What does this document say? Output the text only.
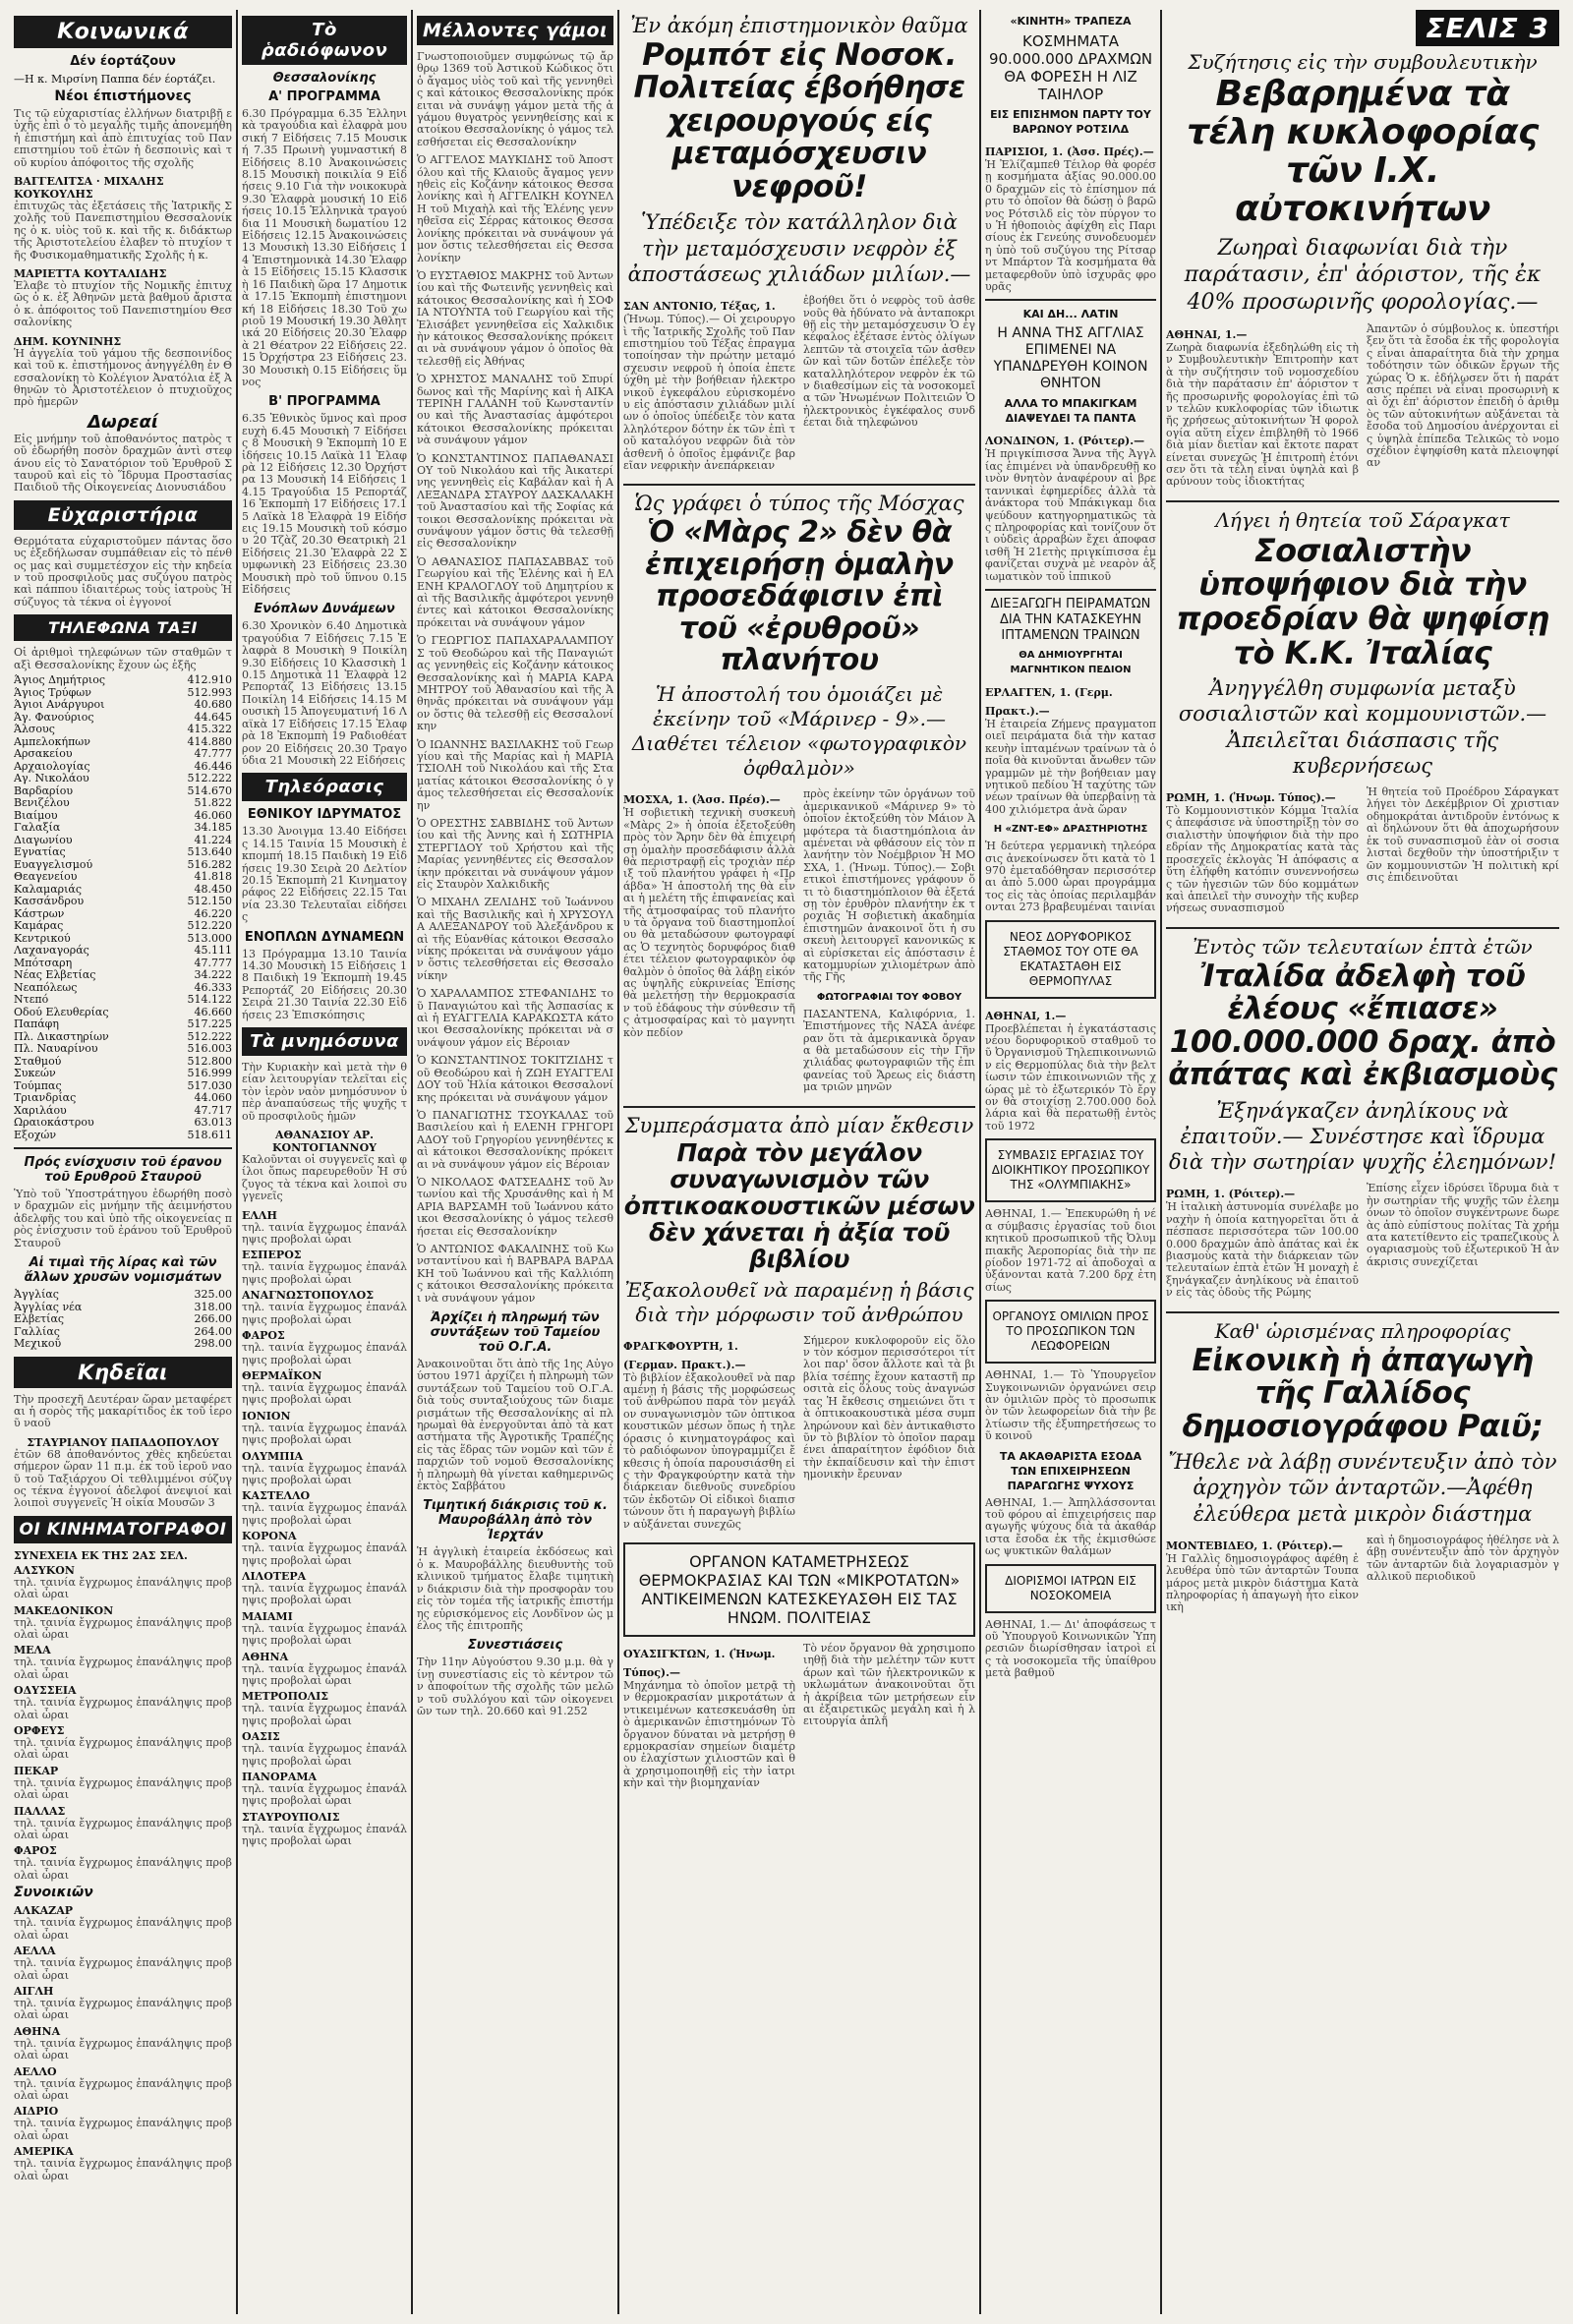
Κοινωνικά
Δέν έορτάζουν
—Η κ. Μιρσίνη Παππα δέν έορτάζει.
Νέοι έπιστήμονες
Τις τῷ εὐχαριστίας ἐλλήνων διατριβῇ εὐχῆς ἐπὶ ὁ τὸ μεγαλῆς τιμῆς ἀπονεμήθη ἡ ἐπιστήμη καὶ ἀπὸ ἐπιτυχίας τοῦ Πανεπιστημίου τοῦ ἐτῶν ἡ δεσποινὶς καὶ τοῦ κυρίου ἀπόφοιτος τῆς σχολῆς
ΒΑΓΓΕΛΙΤΣΑ · ΜΙΧΑΛΗΣ ΚΟΥΚΟΥΛΗΣ
ἐπιτυχῶς τὰς ἐξετάσεις τῆς Ἰατρικῆς Σχολῆς τοῦ Πανεπιστημίου Θεσσαλονίκης ὁ κ. υἱὸς τοῦ κ. καὶ τῆς κ. διδάκτωρ τῆς Ἀριστοτελείου ἐλαβεν τὸ πτυχίον τῆς Φυσικομαθηματικῆς Σχολῆς ἡ κ.
ΜΑΡΙΕΤΤΑ ΚΟΥΤΑΛΙΔΗΣ
Ἐλαβε τὸ πτυχίον τῆς Νομικῆς ἐπιτυχῶς ὁ κ. ἐξ Ἀθηνῶν μετὰ βαθμοῦ ἄριστα ὁ κ. ἀπόφοιτος τοῦ Πανεπιστημίου Θεσσαλονίκης
ΔΗΜ. ΚΟΥΝΙΝΗΣ
Ἡ ἀγγελία τοῦ γάμου τῆς δεσποινίδος καὶ τοῦ κ. ἐπιστήμονος ἀνηγγέλθη ἐν Θεσσαλονίκῃ τὸ Κολέγιον Ἀνατόλια ἐξ Ἀθηνῶν τὸ Ἀριστοτέλειον ὁ πτυχιοῦχος πρὸ ἡμερῶν
Δωρεαί
Εἰς μνήμην τοῦ ἀποθανόντος πατρὸς τοῦ ἐδωρήθη ποσὸν δραχμῶν ἀντὶ στεφάνου εἰς τὸ Σανατόριον τοῦ Ἐρυθροῦ Σταυροῦ καὶ εἰς τὸ Ἵδρυμα Προστασίας Παιδιοῦ τῆς Οἰκογενείας Διονυσιάδου
Εὐχαριστήρια
Θερμότατα εὐχαριστοῦμεν πάντας ὅσους ἐξεδήλωσαν συμπάθειαν εἰς τὸ πένθος μας καὶ συμμετέσχον εἰς τὴν κηδείαν τοῦ προσφιλοῦς μας συζύγου πατρὸς καὶ πάππου ἰδιαιτέρως τοὺς ἰατροὺς Ἡ σύζυγος τὰ τέκνα οἱ ἐγγονοί
ΤΗΛΕΦΩΝΑ ΤΑΞΙ
Οἱ ἀριθμοὶ τηλεφώνων τῶν σταθμῶν ταξὶ Θεσσαλονίκης ἔχουν ὡς ἑξῆς
Άγιος Δημήτριος	412.910
Άγιος Τρύφων	512.993
Άγιοι Ανάργυροι	40.680
Άγ. Φανούριος	44.645
Άλσους	415.322
Αμπελοκήπων	414.880
Αρσακείου	47.777
Αρχαιολογίας	46.446
Αγ. Νικολάου	512.222
Βαρδαρίου	514.670
Βενιζέλου	51.822
Βιαίμου	46.060
Γαλαξία	34.185
Διαγωνίου	41.224
Εγνατίας	513.640
Ευαγγελισμού	516.282
Θεαγενείου	41.818
Καλαμαριάς	48.450
Κασσάνδρου	512.150
Κάστρων	46.220
Καμάρας	512.220
Κεντρικού	513.000
Λαχαναγοράς	45.111
Μπότσαρη	47.777
Νέας Ελβετίας	34.222
Νεαπόλεως	46.333
Ντεπό	514.122
Οδού Ελευθερίας	46.660
Παπάφη	517.225
Πλ. Δικαστηρίων	512.222
Πλ. Ναυαρίνου	516.003
Σταθμού	512.800
Συκεών	516.999
Τούμπας	517.030
Τριανδρίας	44.060
Χαριλάου	47.717
Ωραιοκάστρου	63.013
Εξοχών	518.611
Πρός ενίσχυσιν τοῦ έρανου τοῦ Ερυθροῦ Σταυροῦ
Ὑπὸ τοῦ Ὑποστράτηγου ἐδωρήθη ποσὸν δραχμῶν εἰς μνήμην τῆς ἀειμνήστου ἀδελφῆς του καὶ ὑπὸ τῆς οἰκογενείας πρὸς ἐνίσχυσιν τοῦ ἐράνου τοῦ Ἐρυθροῦ Σταυροῦ
Αἱ τιμαὶ τῆς λίρας καὶ τῶν ἄλλων χρυσῶν νομισμάτων
Ἀγγλίας	325.00
Ἀγγλίας νέα	318.00
Ελβετίας	266.00
Γαλλίας	264.00
Μεχικοῦ	298.00
Κηδεῖαι
Τὴν προσεχῆ Δευτέραν ὥραν μεταφέρεται ἡ σορὸς τῆς μακαρίτιδος ἐκ τοῦ ἱεροῦ ναοῦ
ΣΤΑΥΡΙΑΝΟΥ ΠΑΠΑΔΟΠΟΥΛΟΥ
ἐτῶν 68 ἀποθανόντος χθὲς κηδεύεται σήμερον ὥραν 11 π.μ. ἐκ τοῦ ἱεροῦ ναοῦ τοῦ Ταξιάρχου Οἱ τεθλιμμένοι σύζυγος τέκνα ἐγγονοί ἀδελφοί ἀνεψιοί καὶ λοιποὶ συγγενεῖς Ἡ οἰκία Μουσῶν 3
ΟΙ ΚΙΝΗΜΑΤΟΓΡΑΦΟΙ
ΣΥΝΕΧΕΙΑ ΕΚ ΤΗΣ 2ΑΣ ΣΕΛ.
ΑΛΣΥΚΟΝ
τηλ. ταινία ἔγχρωμος ἐπανάληψις προβολαὶ ὧραι
ΜΑΚΕΔΟΝΙΚΟΝ
τηλ. ταινία ἔγχρωμος ἐπανάληψις προβολαὶ ὧραι
ΜΕΛΑ
τηλ. ταινία ἔγχρωμος ἐπανάληψις προβολαὶ ὧραι
ΟΔΥΣΣΕΙΑ
τηλ. ταινία ἔγχρωμος ἐπανάληψις προβολαὶ ὧραι
ΟΡΦΕΥΣ
τηλ. ταινία ἔγχρωμος ἐπανάληψις προβολαὶ ὧραι
ΠΕΚΑΡ
τηλ. ταινία ἔγχρωμος ἐπανάληψις προβολαὶ ὧραι
ΠΑΛΛΑΣ
τηλ. ταινία ἔγχρωμος ἐπανάληψις προβολαὶ ὧραι
ΦΑΡΟΣ
τηλ. ταινία ἔγχρωμος ἐπανάληψις προβολαὶ ὧραι
Συνοικιῶν
ΑΛΚΑΖΑΡ
τηλ. ταινία ἔγχρωμος ἐπανάληψις προβολαὶ ὧραι
ΑΕΛΛΑ
τηλ. ταινία ἔγχρωμος ἐπανάληψις προβολαὶ ὧραι
ΑΙΓΛΗ
τηλ. ταινία ἔγχρωμος ἐπανάληψις προβολαὶ ὧραι
ΑΘΗΝΑ
τηλ. ταινία ἔγχρωμος ἐπανάληψις προβολαὶ ὧραι
ΑΕΛΛΟ
τηλ. ταινία ἔγχρωμος ἐπανάληψις προβολαὶ ὧραι
ΑΙΔΡΙΟ
τηλ. ταινία ἔγχρωμος ἐπανάληψις προβολαὶ ὧραι
ΑΜΕΡΙΚΑ
τηλ. ταινία ἔγχρωμος ἐπανάληψις προβολαὶ ὧραι
Τὸ ῥαδιόφωνον
Θεσσαλονίκης
Α' ΠΡΟΓΡΑΜΜΑ
6.30 Πρόγραμμα 6.35 Ἑλληνικὰ τραγούδια καὶ ἐλαφρὰ μουσική 7 Εἰδήσεις 7.15 Μουσική 7.35 Πρωινὴ γυμναστική 8 Εἰδήσεις 8.10 Ἀνακοινώσεις 8.15 Μουσικὴ ποικιλία 9 Εἰδήσεις 9.10 Γιὰ τὴν νοικοκυρὰ 9.30 Ἐλαφρὰ μουσική 10 Εἰδήσεις 10.15 Ἑλληνικὰ τραγούδια 11 Μουσικὴ δωματίου 12 Εἰδήσεις 12.15 Ἀνακοινώσεις 13 Μουσικὴ 13.30 Εἰδήσεις 14 Ἐπιστημονικὰ 14.30 Ἐλαφρὰ 15 Εἰδήσεις 15.15 Κλασσικὴ 16 Παιδικὴ ὥρα 17 Δημοτικὰ 17.15 Ἐκπομπὴ ἐπιστημονική 18 Εἰδήσεις 18.30 Τοῦ χωριοῦ 19 Μουσική 19.30 Ἀθλητικά 20 Εἰδήσεις 20.30 Ἐλαφρὰ 21 Θέατρον 22 Εἰδήσεις 22.15 Ὀρχήστρα 23 Εἰδήσεις 23.30 Μουσικὴ 0.15 Εἰδήσεις ὕμνος
Β' ΠΡΟΓΡΑΜΜΑ
6.35 Ἐθνικὸς ὕμνος καὶ προσευχὴ 6.45 Μουσικὴ 7 Εἰδήσεις 8 Μουσικὴ 9 Ἐκπομπὴ 10 Εἰδήσεις 10.15 Λαϊκὰ 11 Ἐλαφρὰ 12 Εἰδήσεις 12.30 Ὀρχήστρα 13 Μουσικὴ 14 Εἰδήσεις 14.15 Τραγούδια 15 Ρεπορτάζ 16 Ἐκπομπὴ 17 Εἰδήσεις 17.15 Λαϊκὰ 18 Ἐλαφρὰ 19 Εἰδήσεις 19.15 Μουσικὴ τοῦ κόσμου 20 Τζὰζ 20.30 Θεατρικὴ 21 Εἰδήσεις 21.30 Ἐλαφρὰ 22 Συμφωνικὴ 23 Εἰδήσεις 23.30 Μουσικὴ πρὸ τοῦ ὕπνου 0.15 Εἰδήσεις
Ενόπλων Δυνάμεων
6.30 Χρονικὸν 6.40 Δημοτικὰ τραγούδια 7 Εἰδήσεις 7.15 Ἐλαφρὰ 8 Μουσικὴ 9 Ποικίλη 9.30 Εἰδήσεις 10 Κλασσικὴ 10.15 Δημοτικὰ 11 Ἐλαφρὰ 12 Ρεπορτάζ 13 Εἰδήσεις 13.15 Ποικίλη 14 Εἰδήσεις 14.15 Μουσικὴ 15 Ἀπογευματινή 16 Λαϊκὰ 17 Εἰδήσεις 17.15 Ἐλαφρὰ 18 Ἐκπομπὴ 19 Ραδιοθέατρον 20 Εἰδήσεις 20.30 Τραγούδια 21 Μουσικὴ 22 Εἰδήσεις
Τηλεόρασις
ΕΘΝΙΚΟΥ ΙΔΡΥΜΑΤΟΣ
13.30 Ἀνοιγμα 13.40 Εἰδήσεις 14.15 Ταινία 15 Μουσικὴ ἐκπομπή 18.15 Παιδικὴ 19 Εἰδήσεις 19.30 Σειρὰ 20 Δελτίον 20.15 Ἐκπομπὴ 21 Κινηματογράφος 22 Εἰδήσεις 22.15 Ταινία 23.30 Τελευταῖαι εἰδήσεις
ΕΝΟΠΛΩΝ ΔΥΝΑΜΕΩΝ
13 Πρόγραμμα 13.10 Ταινία 14.30 Μουσικὴ 15 Εἰδήσεις 18 Παιδικὴ 19 Ἐκπομπὴ 19.45 Ρεπορτάζ 20 Εἰδήσεις 20.30 Σειρὰ 21.30 Ταινία 22.30 Εἰδήσεις 23 Ἐπισκόπησις
Τὰ μνημόσυνα
Τὴν Κυριακὴν καὶ μετὰ τὴν θείαν λειτουργίαν τελεῖται εἰς τὸν ἱερὸν ναὸν μνημόσυνον ὑπὲρ ἀναπαύσεως τῆς ψυχῆς τοῦ προσφιλοῦς ἡμῶν
ΑΘΑΝΑΣΙΟΥ ΑΡ. ΚΟΝΤΟΓΙΑΝΝΟΥ
Καλοῦνται οἱ συγγενεῖς καὶ φίλοι ὅπως παρευρεθοῦν Ἡ σύζυγος τὰ τέκνα καὶ λοιποὶ συγγενεῖς
ΕΛΛΗ
τηλ. ταινία ἔγχρωμος ἐπανάληψις προβολαὶ ὧραι
ΕΣΠΕΡΟΣ
τηλ. ταινία ἔγχρωμος ἐπανάληψις προβολαὶ ὧραι
ΑΝΑΓΝΩΣΤΟΠΟΥΛΟΣ
τηλ. ταινία ἔγχρωμος ἐπανάληψις προβολαὶ ὧραι
ΦΑΡΟΣ
τηλ. ταινία ἔγχρωμος ἐπανάληψις προβολαὶ ὧραι
ΘΕΡΜΑΪΚΟΝ
τηλ. ταινία ἔγχρωμος ἐπανάληψις προβολαὶ ὧραι
ΙΟΝΙΟΝ
τηλ. ταινία ἔγχρωμος ἐπανάληψις προβολαὶ ὧραι
ΟΛΥΜΠΙΑ
τηλ. ταινία ἔγχρωμος ἐπανάληψις προβολαὶ ὧραι
ΚΑΣΤΕΛΛΟ
τηλ. ταινία ἔγχρωμος ἐπανάληψις προβολαὶ ὧραι
ΚΟΡΟΝΑ
τηλ. ταινία ἔγχρωμος ἐπανάληψις προβολαὶ ὧραι
ΛΙΛΟΤΕΡΑ
τηλ. ταινία ἔγχρωμος ἐπανάληψις προβολαὶ ὧραι
ΜΑΙΑΜΙ
τηλ. ταινία ἔγχρωμος ἐπανάληψις προβολαὶ ὧραι
ΑΘΗΝΑ
τηλ. ταινία ἔγχρωμος ἐπανάληψις προβολαὶ ὧραι
ΜΕΤΡΟΠΟΛΙΣ
τηλ. ταινία ἔγχρωμος ἐπανάληψις προβολαὶ ὧραι
ΟΑΣΙΣ
τηλ. ταινία ἔγχρωμος ἐπανάληψις προβολαὶ ὧραι
ΠΑΝΟΡΑΜΑ
τηλ. ταινία ἔγχρωμος ἐπανάληψις προβολαὶ ὧραι
ΣΤΑΥΡΟΥΠΟΛΙΣ
τηλ. ταινία ἔγχρωμος ἐπανάληψις προβολαὶ ὧραι
Μέλλοντες γάμοι
Γνωστοποιοῦμεν συμφώνως τῷ ἄρθρῳ 1369 τοῦ Ἀστικοῦ Κώδικος ὅτι ὁ ἄγαμος υἱὸς τοῦ καὶ τῆς γεννηθεὶς καὶ κάτοικος Θεσσαλονίκης πρόκειται νὰ συνάψῃ γάμον μετὰ τῆς ἀγάμου θυγατρὸς γεννηθείσης καὶ κατοίκου Θεσσαλονίκης ὁ γάμος τελεσθήσεται εἰς Θεσσαλονίκην
Ὁ ΑΓΓΕΛΟΣ ΜΑΥΚΙΔΗΣ τοῦ Ἀποστόλου καὶ τῆς Κλαιοῦς ἄγαμος γεννηθεὶς εἰς Κοζάνην κάτοικος Θεσσαλονίκης καὶ ἡ ΑΓΓΕΛΙΚΗ ΚΟΥΝΕΛΗ τοῦ Μιχαὴλ καὶ τῆς Ἑλένης γεννηθεῖσα εἰς Σέρρας κάτοικος Θεσσαλονίκης πρόκειται νὰ συνάψουν γάμον ὅστις τελεσθήσεται εἰς Θεσσαλονίκην
Ὁ ΕΥΣΤΑΘΙΟΣ ΜΑΚΡΗΣ τοῦ Ἀντωνίου καὶ τῆς Φωτεινῆς γεννηθεὶς καὶ κάτοικος Θεσσαλονίκης καὶ ἡ ΣΟΦΙΑ ΝΤΟΥΝΤΑ τοῦ Γεωργίου καὶ τῆς Ἐλισάβετ γεννηθεῖσα εἰς Χαλκιδικὴν κάτοικος Θεσσαλονίκης πρόκειται νὰ συνάψουν γάμον ὁ ὁποῖος θὰ τελεσθῇ εἰς Ἀθήνας
Ὁ ΧΡΗΣΤΟΣ ΜΑΝΑΛΗΣ τοῦ Σπυρίδωνος καὶ τῆς Μαρίνης καὶ ἡ ΑΙΚΑΤΕΡΙΝΗ ΓΑΛΑΝΗ τοῦ Κωνσταντίνου καὶ τῆς Ἀναστασίας ἀμφότεροι κάτοικοι Θεσσαλονίκης πρόκειται νὰ συνάψουν γάμον
Ὁ ΚΩΝΣΤΑΝΤΙΝΟΣ ΠΑΠΑΘΑΝΑΣΙΟΥ τοῦ Νικολάου καὶ τῆς Ἀικατερίνης γεννηθεὶς εἰς Καβάλαν καὶ ἡ ΑΛΕΞΑΝΔΡΑ ΣΤΑΥΡΟΥ ΔΑΣΚΑΛΑΚΗ τοῦ Ἀναστασίου καὶ τῆς Σοφίας κάτοικοι Θεσσαλονίκης πρόκειται νὰ συνάψουν γάμον ὅστις θὰ τελεσθῇ εἰς Θεσσαλονίκην
Ὁ ΑΘΑΝΑΣΙΟΣ ΠΑΠΑΣΑΒΒΑΣ τοῦ Γεωργίου καὶ τῆς Ἑλένης καὶ ἡ ΕΛΕΝΗ ΚΡΑΛΟΓΛΟΥ τοῦ Δημητρίου καὶ τῆς Βασιλικῆς ἀμφότεροι γεννηθέντες καὶ κάτοικοι Θεσσαλονίκης πρόκειται νὰ συνάψουν γάμον
Ὁ ΓΕΩΡΓΙΟΣ ΠΑΠΑΧΑΡΑΛΑΜΠΟΥΣ τοῦ Θεοδώρου καὶ τῆς Παναγιώτας γεννηθεὶς εἰς Κοζάνην κάτοικος Θεσσαλονίκης καὶ ἡ ΜΑΡΙΑ ΚΑΡΑΜΗΤΡΟΥ τοῦ Ἀθανασίου καὶ τῆς Ἀθηνᾶς πρόκειται νὰ συνάψουν γάμον ὅστις θὰ τελεσθῇ εἰς Θεσσαλονίκην
Ὁ ΙΩΑΝΝΗΣ ΒΑΣΙΛΑΚΗΣ τοῦ Γεωργίου καὶ τῆς Μαρίας καὶ ἡ ΜΑΡΙΑ ΤΣΙΟΛΗ τοῦ Νικολάου καὶ τῆς Σταματίας κάτοικοι Θεσσαλονίκης ὁ γάμος τελεσθήσεται εἰς Θεσσαλονίκην
Ὁ ΟΡΕΣΤΗΣ ΣΑΒΒΙΔΗΣ τοῦ Ἀντωνίου καὶ τῆς Ἀννης καὶ ἡ ΣΩΤΗΡΙΑ ΣΤΕΡΓΙΔΟΥ τοῦ Χρήστου καὶ τῆς Μαρίας γεννηθέντες εἰς Θεσσαλονίκην πρόκειται νὰ συνάψουν γάμον εἰς Σταυρὸν Χαλκιδικῆς
Ὁ ΜΙΧΑΗΛ ΖΕΛΙΔΗΣ τοῦ Ἰωάννου καὶ τῆς Βασιλικῆς καὶ ἡ ΧΡΥΣΟΥΛΑ ΑΛΕΞΑΝΔΡΟΥ τοῦ Ἀλεξάνδρου καὶ τῆς Εὐανθίας κάτοικοι Θεσσαλονίκης πρόκειται νὰ συνάψουν γάμον ὅστις τελεσθήσεται εἰς Θεσσαλονίκην
Ὁ ΧΑΡΑΛΑΜΠΟΣ ΣΤΕΦΑΝΙΔΗΣ τοῦ Παναγιώτου καὶ τῆς Ἀσπασίας καὶ ἡ ΕΥΑΓΓΕΛΙΑ ΚΑΡΑΚΩΣΤΑ κάτοικοι Θεσσαλονίκης πρόκειται νὰ συνάψουν γάμον εἰς Βέροιαν
Ὁ ΚΩΝΣΤΑΝΤΙΝΟΣ ΤΟΚΙΤΖΙΔΗΣ τοῦ Θεοδώρου καὶ ἡ ΖΩΗ ΕΥΑΓΓΕΛΙΔΟΥ τοῦ Ἠλία κάτοικοι Θεσσαλονίκης πρόκειται νὰ συνάψουν γάμον
Ὁ ΠΑΝΑΓΙΩΤΗΣ ΤΣΟΥΚΑΛΑΣ τοῦ Βασιλείου καὶ ἡ ΕΛΕΝΗ ΓΡΗΓΟΡΙΑΔΟΥ τοῦ Γρηγορίου γεννηθέντες καὶ κάτοικοι Θεσσαλονίκης πρόκειται νὰ συνάψουν γάμον εἰς Βέροιαν
Ὁ ΝΙΚΟΛΑΟΣ ΦΑΤΣΕΑΔΗΣ τοῦ Ἀντωνίου καὶ τῆς Χρυσάνθης καὶ ἡ ΜΑΡΙΑ ΒΑΡΣΑΜΗ τοῦ Ἰωάννου κάτοικοι Θεσσαλονίκης ὁ γάμος τελεσθήσεται εἰς Θεσσαλονίκην
Ὁ ΑΝΤΩΝΙΟΣ ΦΑΚΑΛΙΝΗΣ τοῦ Κωνσταντίνου καὶ ἡ ΒΑΡΒΑΡΑ ΒΑΡΔΑΚΗ τοῦ Ἰωάννου καὶ τῆς Καλλιόπης κάτοικοι Θεσσαλονίκης πρόκειται νὰ συνάψουν γάμον
Ἀρχίζει ἡ πληρωμή τῶν συντάξεων τοῦ Ταμείου τοῦ Ο.Γ.Α.
Ἀνακοινοῦται ὅτι ἀπὸ τῆς 1ης Αὐγούστου 1971 ἀρχίζει ἡ πληρωμὴ τῶν συντάξεων τοῦ Ταμείου τοῦ Ο.Γ.Α. διὰ τοὺς συνταξιούχους τῶν διαμερισμάτων τῆς Θεσσαλονίκης αἱ πληρωμαὶ θὰ ἐνεργοῦνται ἀπὸ τὰ καταστήματα τῆς Ἀγροτικῆς Τραπέζης εἰς τὰς ἕδρας τῶν νομῶν καὶ τῶν ἐπαρχιῶν τοῦ νομοῦ Θεσσαλονίκης ἡ πληρωμὴ θὰ γίνεται καθημερινῶς ἐκτὸς Σαββάτου
Τιμητική διάκρισις τοῦ κ. Μαυροβάλλη ἀπὸ τὸν Ἰερχτάν
Ἡ ἀγγλικὴ ἑταιρεία ἐκδόσεως καὶ ὁ κ. Μαυροβάλλης διευθυντὴς τοῦ κλινικοῦ τμήματος ἔλαβε τιμητικὴν διάκρισιν διὰ τὴν προσφορὰν του εἰς τὸν τομέα τῆς ἰατρικῆς ἐπιστήμης εὑρισκόμενος εἰς Λονδῖνον ὡς μέλος τῆς ἐπιτροπῆς
Συνεστιάσεις
Τὴν 11ην Αὐγούστου 9.30 μ.μ. θὰ γίνῃ συνεστίασις εἰς τὸ κέντρον τῶν ἀποφοίτων τῆς σχολῆς τῶν μελῶν τοῦ συλλόγου καὶ τῶν οἰκογενειῶν των τηλ. 20.660 καὶ 91.252
Ἐν ἀκόμη ἐπιστημονικὸν θαῦμα
Ρομπότ εἰς Νοσοκ. Πολιτείας έβοήθησε χειρουργούς είς μεταμόσχευσιν νεφροῦ!
Ὑπέδειξε τὸν κατάλληλον διὰ τὴν μεταμόσχευσιν νεφρὸν ἐξ ἀποστάσεως χιλιάδων μιλίων.—
ΣΑΝ ΑΝΤΟΝΙΟ, Τέξας, 1.
(Ἡνωμ. Τύπος).— Οἱ χειρουργοὶ τῆς Ἰατρικῆς Σχολῆς τοῦ Πανεπιστημίου τοῦ Τέξας ἐπραγματοποίησαν τὴν πρώτην μεταμόσχευσιν νεφροῦ ἡ ὁποία ἐπετεύχθη μὲ τὴν βοήθειαν ἠλεκτρονικοῦ ἐγκεφάλου εὑρισκομένου εἰς ἀπόστασιν χιλιάδων μιλίων ὁ ὁποῖος ὑπέδειξε τὸν καταλληλότερον δότην ἐκ τῶν ἐπὶ τοῦ καταλόγου νεφρῶν διὰ τὸν ἀσθενῆ ὁ ὁποῖος ἐμφάνιζε βαρεῖαν νεφρικὴν ἀνεπάρκειαν
ἐβοήθει ὅτι ὁ νεφρὸς τοῦ ἀσθενοῦς θὰ ἠδύνατο νὰ ἀνταποκριθῇ εἰς τὴν μεταμόσχευσιν Ὁ ἐγκέφαλος ἐξέτασε ἐντὸς ὀλίγων λεπτῶν τὰ στοιχεῖα τῶν ἀσθενῶν καὶ τῶν δοτῶν ἐπέλεξε τὸν καταλληλότερον νεφρὸν ἐκ τῶν διαθεσίμων εἰς τὰ νοσοκομεῖα τῶν Ἠνωμένων Πολιτειῶν Ὁ ἠλεκτρονικὸς ἐγκέφαλος συνδέεται διὰ τηλεφώνου
Ὡς γράφει ὁ τύπος τῆς Μόσχας
Ὁ «Μὰρς 2» δὲν θὰ ἐπιχειρήσῃ ὁμαλὴν προσεδάφισιν ἐπὶ τοῦ «ἐρυθροῦ» πλανήτου
Ἡ ἀποστολή του ὁμοιάζει μὲ ἐκείνην τοῦ «Μάρινερ - 9».— Διαθέτει τέλειον «φωτογραφικὸν ὀφθαλμὸν»
ΜΟΣΧΑ, 1. (Ἀσσ. Πρέσ).—
Ἡ σοβιετικὴ τεχνικὴ συσκευὴ «Μὰρς 2» ἡ ὁποία ἐξετοξεύθη πρὸς τὸν Ἄρην δὲν θὰ ἐπιχειρήσῃ ὁμαλὴν προσεδάφισιν ἀλλὰ θὰ περιστραφῇ εἰς τροχιὰν πέριξ τοῦ πλανήτου γράφει ἡ «Πράβδα» Ἡ ἀποστολή της θὰ εἶναι ἡ μελέτη τῆς ἐπιφανείας καὶ τῆς ἀτμοσφαίρας τοῦ πλανήτου τὰ ὄργανα τοῦ διαστημοπλοίου θὰ μεταδώσουν φωτογραφίας Ὁ τεχνητὸς δορυφόρος διαθέτει τέλειον φωτογραφικὸν ὀφθαλμὸν ὁ ὁποῖος θὰ λάβῃ εἰκόνας ὑψηλῆς εὐκρινείας Ἐπίσης θὰ μελετήσῃ τὴν θερμοκρασίαν τοῦ ἐδάφους τὴν σύνθεσιν τῆς ἀτμοσφαίρας καὶ τὸ μαγνητικὸν πεδίον
πρὸς ἐκείνην τῶν ὀργάνων τοῦ ἀμερικανικοῦ «Μάρινερ 9» τὸ ὁποῖον ἐκτοξεύθη τὸν Μάιον Ἀμφότερα τὰ διαστημόπλοια ἀναμένεται νὰ φθάσουν εἰς τὸν πλανήτην τὸν Νοέμβριον Ἡ ΜΟΣΧΑ, 1. (Ἡνωμ. Τύπος).— Σοβιετικοὶ ἐπιστήμονες γράφουν ὅτι τὸ διαστημόπλοιον θὰ ἐξετάσῃ τὸν ἐρυθρὸν πλανήτην ἐκ τροχιᾶς Ἡ σοβιετικὴ ἀκαδημία ἐπιστημῶν ἀνακοινοῖ ὅτι ἡ συσκευὴ λειτουργεῖ κανονικῶς καὶ εὑρίσκεται εἰς ἀπόστασιν ἑκατομμυρίων χιλιομέτρων ἀπὸ τῆς Γῆς
ΦΩΤΟΓΡΑΦΙΑΙ ΤΟΥ ΦΟΒΟΥ
ΠΑΣΑΝΤΕΝΑ, Καλιφόρνια, 1. Ἐπιστήμονες τῆς ΝΑΣΑ ἀνέφεραν ὅτι τὰ ἀμερικανικὰ ὄργανα θὰ μεταδώσουν εἰς τὴν Γῆν χιλιάδας φωτογραφιῶν τῆς ἐπιφανείας τοῦ Ἄρεως εἰς διάστημα τριῶν μηνῶν
Συμπεράσματα ἀπὸ μίαν ἔκθεσιν
Παρὰ τὸν μεγάλον συναγωνισμὸν τῶν ὀπτικοακουστικῶν μέσων δὲν χάνεται ἡ ἀξία τοῦ βιβλίου
Ἐξακολουθεῖ νὰ παραμένῃ ἡ βάσις διὰ τὴν μόρφωσιν τοῦ ἀνθρώπου
ΦΡΑΓΚΦΟΥΡΤΗ, 1. (Γερμαν. Πρακτ.).—
Τὸ βιβλίον ἐξακολουθεῖ νὰ παραμένῃ ἡ βάσις τῆς μορφώσεως τοῦ ἀνθρώπου παρὰ τὸν μεγάλον συναγωνισμὸν τῶν ὀπτικοακουστικῶν μέσων ὅπως ἡ τηλεόρασις ὁ κινηματογράφος καὶ τὸ ραδιόφωνον ὑπογραμμίζει ἔκθεσις ἡ ὁποία παρουσιάσθη εἰς τὴν Φραγκφούρτην κατὰ τὴν διάρκειαν διεθνοῦς συνεδρίου τῶν ἐκδοτῶν Οἱ εἰδικοὶ διαπιστώνουν ὅτι ἡ παραγωγὴ βιβλίων αὐξάνεται συνεχῶς
Σήμερον κυκλοφοροῦν εἰς ὅλον τὸν κόσμον περισσότεροι τίτλοι παρ' ὅσον ἄλλοτε καὶ τὰ βιβλία τσέπης ἔχουν καταστῆ προσιτὰ εἰς ὅλους τοὺς ἀναγνώστας Ἡ ἔκθεσις σημειώνει ὅτι τὰ ὀπτικοακουστικὰ μέσα συμπληρώνουν καὶ δὲν ἀντικαθιστοῦν τὸ βιβλίον τὸ ὁποῖον παραμένει ἀπαραίτητον ἐφόδιον διὰ τὴν ἐκπαίδευσιν καὶ τὴν ἐπιστημονικὴν ἔρευναν
ΟΡΓΑΝΟΝ ΚΑΤΑΜΕΤΡΗΣΕΩΣ ΘΕΡΜΟΚΡΑΣΙΑΣ ΚΑΙ ΤΩΝ «ΜΙΚΡΟΤΑΤΩΝ» ΑΝΤΙΚΕΙΜΕΝΩΝ ΚΑΤΕΣΚΕΥΑΣΘΗ ΕΙΣ ΤΑΣ ΗΝΩΜ. ΠΟΛΙΤΕΙΑΣ
ΟΥΑΣΙΓΚΤΩΝ, 1. (Ἡνωμ. Τύπος).—
Μηχάνημα τὸ ὁποῖον μετρᾷ τὴν θερμοκρασίαν μικροτάτων ἀντικειμένων κατεσκευάσθη ὑπὸ ἀμερικανῶν ἐπιστημόνων Τὸ ὄργανον δύναται νὰ μετρήσῃ θερμοκρασίαν σημείων διαμέτρου ἐλαχίστων χιλιοστῶν καὶ θὰ χρησιμοποιηθῇ εἰς τὴν ἰατρικὴν καὶ τὴν βιομηχανίαν
Τὸ νέον ὄργανον θὰ χρησιμοποιηθῇ διὰ τὴν μελέτην τῶν κυττάρων καὶ τῶν ἠλεκτρονικῶν κυκλωμάτων ἀνακοινοῦται ὅτι ἡ ἀκρίβεια τῶν μετρήσεων εἶναι ἐξαιρετικῶς μεγάλη καὶ ἡ λειτουργία ἁπλῆ
«ΚΙΝΗΤΗ» ΤΡΑΠΕΖΑ
ΚΟΣΜΗΜΑΤΑ 90.000.000 ΔΡΑΧΜΩΝ ΘΑ ΦΟΡΕΣΗ Η ΛΙΖ ΤΑΙΗΛΟΡ
ΕΙΣ ΕΠΙΣΗΜΟΝ ΠΑΡΤΥ ΤΟΥ ΒΑΡΩΝΟΥ ΡΟΤΣΙΛΔ
ΠΑΡΙΣΙΟΙ, 1. (Ἀσσ. Πρές).—
Ἡ Ἐλίζαμπεθ Τέιλορ θὰ φορέσῃ κοσμήματα ἀξίας 90.000.000 δραχμῶν εἰς τὸ ἐπίσημον πάρτυ τὸ ὁποῖον θὰ δώσῃ ὁ βαρῶνος Ρότσιλδ εἰς τὸν πύργον του Ἡ ἠθοποιὸς ἀφίχθη εἰς Παρισίους ἐκ Γενεύης συνοδευομένη ὑπὸ τοῦ συζύγου της Ρίτσαρντ Μπάρτον Τὰ κοσμήματα θὰ μεταφερθοῦν ὑπὸ ἰσχυρᾶς φρουρᾶς
ΚΑΙ ΔΗ... ΛΑΤΙΝ
Η ΑΝΝΑ ΤΗΣ ΑΓΓΛΙΑΣ ΕΠΙΜΕΝΕΙ ΝΑ ΥΠΑΝΔΡΕΥΘΗ ΚΟΙΝΟΝ ΘΝΗΤΟΝ
ΑΛΛΑ ΤΟ ΜΠΑΚΙΓΚΑΜ ΔΙΑΨΕΥΔΕΙ ΤΑ ΠΑΝΤΑ
ΛΟΝΔΙΝΟΝ, 1. (Ρόιτερ).—
Ἡ πριγκίπισσα Ἄννα τῆς Ἀγγλίας ἐπιμένει νὰ ὑπανδρευθῇ κοινὸν θνητὸν ἀναφέρουν αἱ βρεταννικαὶ ἐφημερίδες ἀλλὰ τὰ ἀνάκτορα τοῦ Μπάκιγκαμ διαψεύδουν κατηγορηματικῶς τὰς πληροφορίας καὶ τονίζουν ὅτι οὐδεὶς ἀρραβὼν ἔχει ἀποφασισθῆ Ἡ 21ετὴς πριγκίπισσα ἐμφανίζεται συχνὰ μὲ νεαρὸν ἀξιωματικὸν τοῦ ἱππικοῦ
ΔΙΕΞΑΓΩΓΗ ΠΕΙΡΑΜΑΤΩΝ ΔΙΑ ΤΗΝ ΚΑΤΑΣΚΕΥΗΝ ΙΠΤΑΜΕΝΩΝ ΤΡΑΙΝΩΝ
ΘΑ ΔΗΜΙΟΥΡΓΗΤΑΙ ΜΑΓΝΗΤΙΚΟΝ ΠΕΔΙΟΝ
ΕΡΛΑΓΓΕΝ, 1. (Γερμ. Πρακτ.).—
Ἡ ἑταιρεία Ζήμενς πραγματοποιεῖ πειράματα διὰ τὴν κατασκευὴν ἱπταμένων τραίνων τὰ ὁποῖα θὰ κινοῦνται ἄνωθεν τῶν γραμμῶν μὲ τὴν βοήθειαν μαγνητικοῦ πεδίου Ἡ ταχύτης τῶν νέων τραίνων θὰ ὑπερβαίνῃ τὰ 400 χιλιόμετρα ἀνὰ ὥραν
Η «ΖΝΤ-ΕΦ» ΔΡΑΣΤΗΡΙΟΤΗΣ
Ἡ δεύτερα γερμανικὴ τηλεόρασις ἀνεκοίνωσεν ὅτι κατὰ τὸ 1970 ἐμεταδόθησαν περισσότεραι ἀπὸ 5.000 ὧραι προγράμματος εἰς τὰς ὁποίας περιλαμβάνονται 273 βραβευμέναι ταινίαι
ΝΕΟΣ ΔΟΡΥΦΟΡΙΚΟΣ ΣΤΑΘΜΟΣ ΤΟΥ ΟΤΕ ΘΑ ΕΚΑΤΑΣΤΑΘΗ ΕΙΣ ΘΕΡΜΟΠΥΛΑΣ
ΑΘΗΝΑΙ, 1.—
Προεβλέπεται ἡ ἐγκατάστασις νέου δορυφορικοῦ σταθμοῦ τοῦ Ὀργανισμοῦ Τηλεπικοινωνιῶν εἰς Θερμοπύλας διὰ τὴν βελτίωσιν τῶν ἐπικοινωνιῶν τῆς χώρας μὲ τὸ ἐξωτερικόν Τὸ ἔργον θὰ στοιχίσῃ 2.700.000 δολλάρια καὶ θὰ περατωθῇ ἐντὸς τοῦ 1972
ΣΥΜΒΑΣΙΣ ΕΡΓΑΣΙΑΣ ΤΟΥ ΔΙΟΙΚΗΤΙΚΟΥ ΠΡΟΣΩΠΙΚΟΥ ΤΗΣ «ΟΛΥΜΠΙΑΚΗΣ»
ΑΘΗΝΑΙ, 1.— Ἐπεκυρώθη ἡ νέα σύμβασις ἐργασίας τοῦ διοικητικοῦ προσωπικοῦ τῆς Ὀλυμπιακῆς Ἀεροπορίας διὰ τὴν περίοδον 1971-72 αἱ ἀποδοχαὶ αὐξάνονται κατὰ 7.200 δρχ ἐτησίως
ΟΡΓΑΝΟΥΣ ΟΜΙΛΙΩΝ ΠΡΟΣ ΤΟ ΠΡΟΣΩΠΙΚΟΝ ΤΩΝ ΛΕΩΦΟΡΕΙΩΝ
ΑΘΗΝΑΙ, 1.— Τὸ Ὑπουργεῖον Συγκοινωνιῶν ὀργανώνει σειρὰν ὁμιλιῶν πρὸς τὸ προσωπικὸν τῶν λεωφορείων διὰ τὴν βελτίωσιν τῆς ἐξυπηρετήσεως τοῦ κοινοῦ
ΤΑ ΑΚΑΘΑΡΙΣΤΑ ΕΣΟΔΑ ΤΩΝ ΕΠΙΧΕΙΡΗΣΕΩΝ ΠΑΡΑΓΩΓΗΣ ΨΥΧΟΥΣ
ΑΘΗΝΑΙ, 1.— Ἀπηλλάσσονται τοῦ φόρου αἱ ἐπιχειρήσεις παραγωγῆς ψύχους διὰ τὰ ἀκαθάριστα ἔσοδα ἐκ τῆς ἐκμισθώσεως ψυκτικῶν θαλάμων
ΔΙΟΡΙΣΜΟΙ ΙΑΤΡΩΝ ΕΙΣ ΝΟΣΟΚΟΜΕΙΑ
ΑΘΗΝΑΙ, 1.— Δι' ἀποφάσεως τοῦ Ὑπουργοῦ Κοινωνικῶν Ὑπηρεσιῶν διωρίσθησαν ἰατροὶ εἰς τὰ νοσοκομεῖα τῆς ὑπαίθρου μετὰ βαθμοῦ
ΣΕΛΙΣ 3
Συζήτησις εἰς τὴν συμβουλευτικὴν
Βεβαρημένα τὰ τέλη κυκλοφορίας τῶν Ι.Χ. αὐτοκινήτων
Ζωηραὶ διαφωνίαι διὰ τὴν παράτασιν, ἐπ' ἀόριστον, τῆς ἐκ 40% προσωρινῆς φορολογίας.—
ΑΘΗΝΑΙ, 1.—
Ζωηρὰ διαφωνία ἐξεδηλώθη εἰς τὴν Συμβουλευτικὴν Ἐπιτροπὴν κατὰ τὴν συζήτησιν τοῦ νομοσχεδίου διὰ τὴν παράτασιν ἐπ' ἀόριστον τῆς προσωρινῆς φορολογίας ἐπὶ τῶν τελῶν κυκλοφορίας τῶν ἰδιωτικῆς χρήσεως αὐτοκινήτων Ἡ φορολογία αὕτη εἶχεν ἐπιβληθῆ τὸ 1966 διὰ μίαν διετίαν καὶ ἔκτοτε παρατείνεται συνεχῶς Ἡ ἐπιτροπὴ ἐτόνισεν ὅτι τὰ τέλη εἶναι ὑψηλὰ καὶ βαρύνουν τοὺς ἰδιοκτήτας
Ἀπαντῶν ὁ σύμβουλος κ. ὑπεστήριξεν ὅτι τὰ ἔσοδα ἐκ τῆς φορολογίας εἶναι ἀπαραίτητα διὰ τὴν χρηματοδότησιν τῶν ὁδικῶν ἔργων τῆς χώρας Ὁ κ. ἐδήλωσεν ὅτι ἡ παράτασις πρέπει νὰ εἶναι προσωρινὴ καὶ ὄχι ἐπ' ἀόριστον ἐπειδὴ ὁ ἀριθμὸς τῶν αὐτοκινήτων αὐξάνεται τὰ ἔσοδα τοῦ Δημοσίου ἀνέρχονται εἰς ὑψηλὰ ἐπίπεδα Τελικῶς τὸ νομοσχέδιον ἐψηφίσθη κατὰ πλειοψηφίαν
Λήγει ἡ θητεία τοῦ Σάραγκατ
Σοσιαλιστὴν ὑποψήφιον διὰ τὴν προεδρίαν θὰ ψηφίσῃ τὸ Κ.Κ. Ἰταλίας
Ἀνηγγέλθη συμφωνία μεταξὺ σοσιαλιστῶν καὶ κομμουνιστῶν.—Ἀπειλεῖται διάσπασις τῆς κυβερνήσεως
ΡΩΜΗ, 1. (Ἡνωμ. Τύπος).—
Τὸ Κομμουνιστικὸν Κόμμα Ἰταλίας ἀπεφάσισε νὰ ὑποστηρίξῃ τὸν σοσιαλιστὴν ὑποψήφιον διὰ τὴν προεδρίαν τῆς Δημοκρατίας κατὰ τὰς προσεχεῖς ἐκλογὰς Ἡ ἀπόφασις αὕτη ἐλήφθη κατόπιν συνεννοήσεως τῶν ἡγεσιῶν τῶν δύο κομμάτων καὶ ἀπειλεῖ τὴν συνοχὴν τῆς κυβερνήσεως συνασπισμοῦ
Ἡ θητεία τοῦ Προέδρου Σάραγκατ λήγει τὸν Δεκέμβριον Οἱ χριστιανοδημοκράται ἀντιδροῦν ἐντόνως καὶ δηλώνουν ὅτι θὰ ἀποχωρήσουν ἐκ τοῦ συνασπισμοῦ ἐὰν οἱ σοσιαλισταὶ δεχθοῦν τὴν ὑποστήριξιν τῶν κομμουνιστῶν Ἡ πολιτικὴ κρίσις ἐπιδεινοῦται
Ἐντὸς τῶν τελευταίων ἑπτὰ ἐτῶν
Ἰταλίδα ἀδελφὴ τοῦ ἐλέους «ἔπιασε» 100.000.000 δραχ. ἀπὸ ἀπάτας καὶ ἐκβιασμοὺς
Ἐξηνάγκαζεν ἀνηλίκους νὰ ἐπαιτοῦν.— Συνέστησε καὶ ἵδρυμα διὰ τὴν σωτηρίαν ψυχῆς ἐλεημόνων!
ΡΩΜΗ, 1. (Ρόιτερ).—
Ἡ ἰταλικὴ ἀστυνομία συνέλαβε μοναχὴν ἡ ὁποία κατηγορεῖται ὅτι ἀπέσπασε περισσότερα τῶν 100.000.000 δραχμῶν ἀπὸ ἀπάτας καὶ ἐκβιασμοὺς κατὰ τὴν διάρκειαν τῶν τελευταίων ἑπτὰ ἐτῶν Ἡ μοναχὴ ἐξηνάγκαζεν ἀνηλίκους νὰ ἐπαιτοῦν εἰς τὰς ὁδοὺς τῆς Ρώμης
Ἐπίσης εἶχεν ἱδρύσει ἵδρυμα διὰ τὴν σωτηρίαν τῆς ψυχῆς τῶν ἐλεημόνων τὸ ὁποῖον συγκέντρωνε δωρεὰς ἀπὸ εὐπίστους πολίτας Τὰ χρήματα κατετίθεντο εἰς τραπεζικοὺς λογαριασμοὺς τοῦ ἐξωτερικοῦ Ἡ ἀνάκρισις συνεχίζεται
Καθ' ὡρισμένας πληροφορίας
Εἰκονικὴ ἡ ἀπαγωγὴ τῆς Γαλλίδος δημοσιογράφου Ραιῦ;
Ἤθελε νὰ λάβῃ συνέντευξιν ἀπὸ τὸν ἀρχηγὸν τῶν ἀνταρτῶν.—Ἀφέθη ἐλεύθερα μετὰ μικρὸν διάστημα
ΜΟΝΤΕΒΙΔΕΟ, 1. (Ρόιτερ).—
Ἡ Γαλλὶς δημοσιογράφος ἀφέθη ἐλευθέρα ὑπὸ τῶν ἀνταρτῶν Τουπαμάρος μετὰ μικρὸν διάστημα Κατὰ πληροφορίας ἡ ἀπαγωγὴ ἦτο εἰκονικὴ
καὶ ἡ δημοσιογράφος ἠθέλησε νὰ λάβῃ συνέντευξιν ἀπὸ τὸν ἀρχηγὸν τῶν ἀνταρτῶν διὰ λογαριασμὸν γαλλικοῦ περιοδικοῦ
